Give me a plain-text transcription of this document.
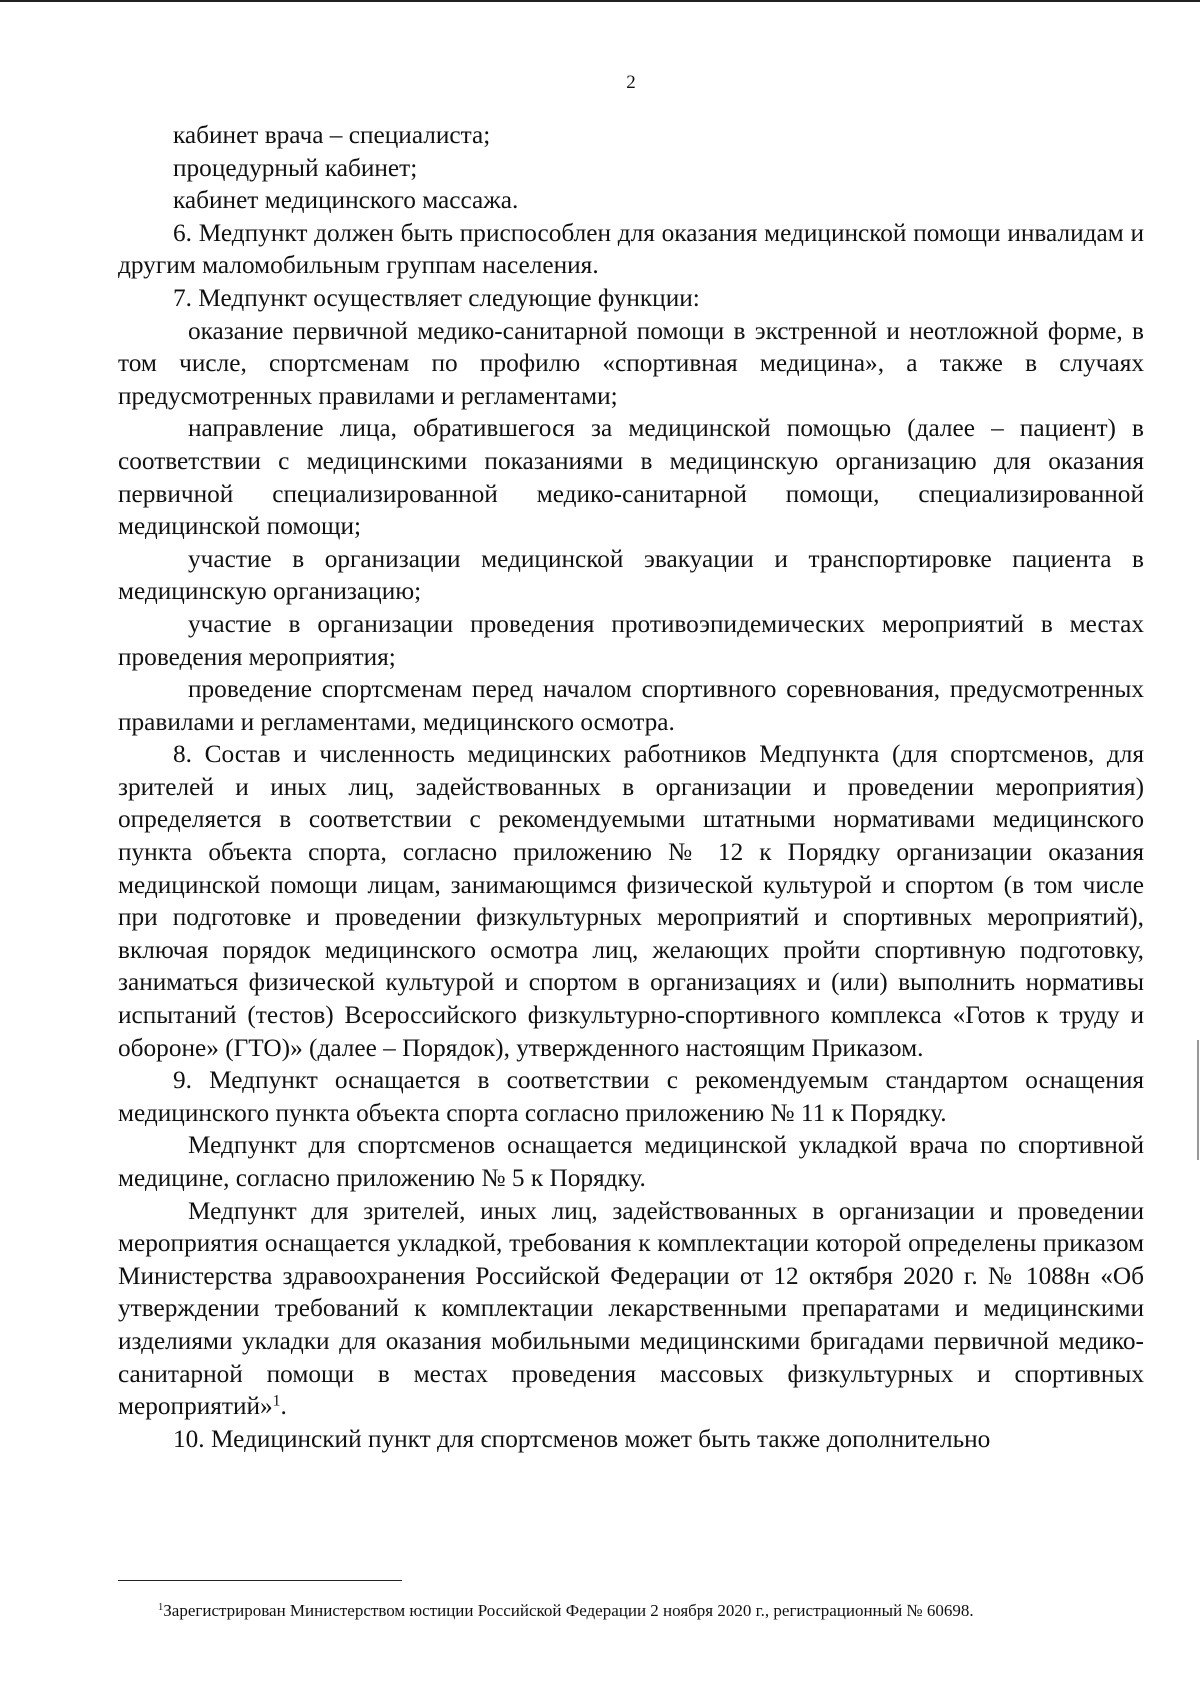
2

кабинет врача – специалиста;

процедурный кабинет;

кабинет медицинского массажа.

6. Медпункт должен быть приспособлен для оказания медицинской помощи инвалидам и другим маломобильным группам населения.

7. Медпункт осуществляет следующие функции:

оказание первичной медико-санитарной помощи в экстренной и неотложной форме, в том числе, спортсменам по профилю «спортивная медицина», а также в случаях предусмотренных правилами и регламентами;

направление лица, обратившегося за медицинской помощью (далее – пациент) в соответствии с медицинскими показаниями в медицинскую организацию для оказания первичной специализированной медико-санитарной помощи, специализированной медицинской помощи;

участие в организации медицинской эвакуации и транспортировке пациента в медицинскую организацию;

участие в организации проведения противоэпидемических мероприятий в местах проведения мероприятия;

проведение спортсменам перед началом спортивного соревнования, предусмотренных правилами и регламентами, медицинского осмотра.

8. Состав и численность медицинских работников Медпункта (для спортсменов, для зрителей и иных лиц, задействованных в организации и проведении мероприятия) определяется в соответствии с рекомендуемыми штатными нормативами медицинского пункта объекта спорта, согласно приложению № 12 к Порядку организации оказания медицинской помощи лицам, занимающимся физической культурой и спортом (в том числе при подготовке и проведении физкультурных мероприятий и спортивных мероприятий), включая порядок медицинского осмотра лиц, желающих пройти спортивную подготовку, заниматься физической культурой и спортом в организациях и (или) выполнить нормативы испытаний (тестов) Всероссийского физкультурно-спортивного комплекса «Готов к труду и обороне» (ГТО)» (далее – Порядок), утвержденного настоящим Приказом.

9. Медпункт оснащается в соответствии с рекомендуемым стандартом оснащения медицинского пункта объекта спорта согласно приложению № 11 к Порядку.

Медпункт для спортсменов оснащается медицинской укладкой врача по спортивной медицине, согласно приложению № 5 к Порядку.

Медпункт для зрителей, иных лиц, задействованных в организации и проведении мероприятия оснащается укладкой, требования к комплектации которой определены приказом Министерства здравоохранения Российской Федерации от 12 октября 2020 г. № 1088н «Об утверждении требований к комплектации лекарственными препаратами и медицинскими изделиями укладки для оказания мобильными медицинскими бригадами первичной медико-санитарной помощи в местах проведения массовых физкультурных и спортивных мероприятий»$^1$.

10. Медицинский пункт для спортсменов может быть также дополнительно

$^1$Зарегистрирован Министерством юстиции Российской Федерации 2 ноября 2020 г., регистрационный № 60698.
